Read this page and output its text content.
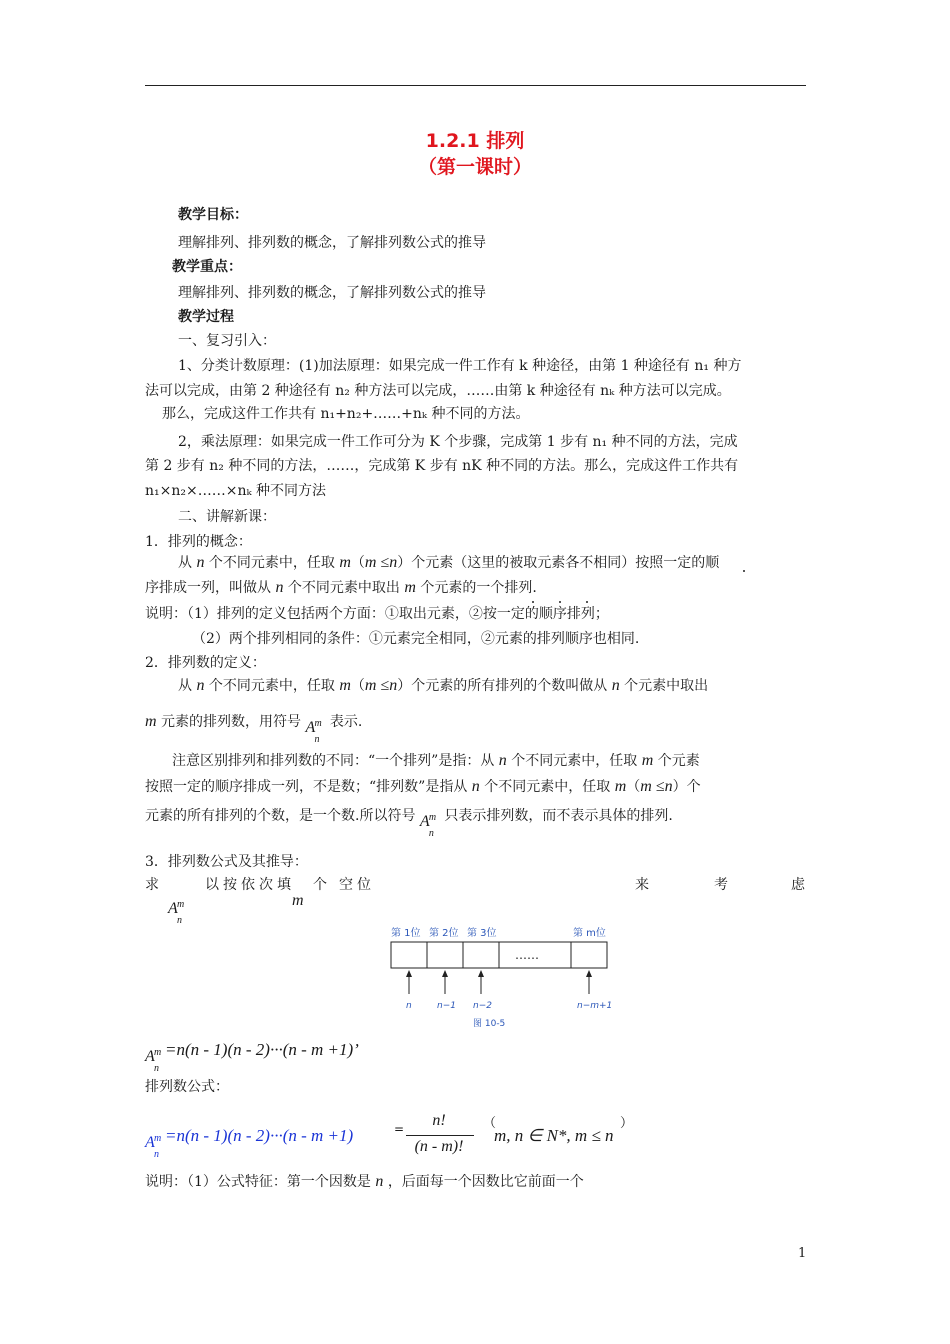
1.2.1 排列
（第一课时）
教学目标：
理解排列、排列数的概念，了解排列数公式的推导
教学重点：
理解排列、排列数的概念，了解排列数公式的推导
教学过程
一、复习引入：
1、分类计数原理：(1)加法原理：如果完成一件工作有 k 种途径，由第 1 种途径有 n₁ 种方
法可以完成，由第 2 种途径有 n₂ 种方法可以完成，……由第 k 种途径有 nₖ 种方法可以完成。
那么，完成这件工作共有 n₁+n₂+……+nₖ 种不同的方法。
2，乘法原理：如果完成一件工作可分为 K 个步骤，完成第 1 步有 n₁ 种不同的方法，完成
第 2 步有 n₂ 种不同的方法，……，完成第 K 步有 nK 种不同的方法。那么，完成这件工作共有
n₁×n₂×……×nₖ 种不同方法
二、讲解新课：
1．排列的概念：
从 n 个不同元素中，任取 m（m ≤n）个元素（这里的被取元素各不相同）按照一定的顺
序排成一列，叫做从 n 个不同元素中取出 m 个元素的一个排列.
说明：（1）排列的定义包括两个方面：①取出元素，②按一定的顺序排列；
（2）两个排列相同的条件：①元素完全相同，②元素的排列顺序也相同.
2．排列数的定义：
从 n 个不同元素中，任取 m（m ≤n）个元素的所有排列的个数叫做从 n 个元素中取出
m 元素的排列数，用符号 A m
n
表示.
注意区别排列和排列数的不同：“一个排列”是指：从 n 个不同元素中，任取 m 个元素
按照一定的顺序排成一列，不是数；“排列数”是指从 n 个不同元素中，任取 m（m ≤n）个
元素的所有排列的个数，是一个数.所以符号 A m
n
只表示排列数，而不表示具体的排列.
3．排列数公式及其推导：
求	以按依次填 个 空位	来	考	虑
A m
n
m
第 1位 第 2位 第 3位	第 m位
……
n	n−1 n−2	n−m+1
图 10-5
A m
n
=n(n - 1)(n - 2)···(n - m +1)’
排列数公式：
A m
n
=n(n - 1)(n - 2)···(n - m +1)	=	n!
(n - m)!
（
m, n ∈ N*, m ≤ n
）
说明：（1）公式特征：第一个因数是 n ，后面每一个因数比它前面一个
1
